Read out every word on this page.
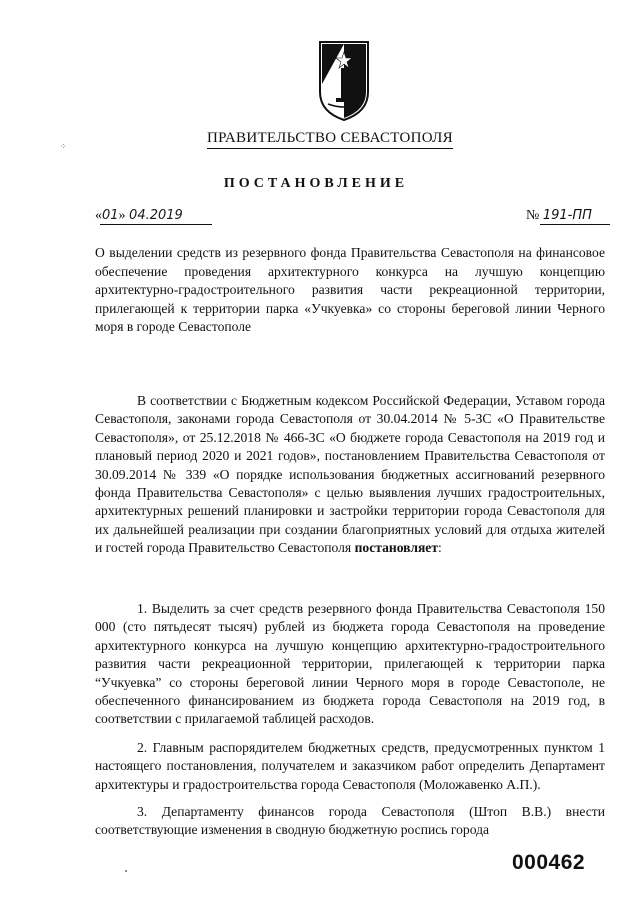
⁘
ПРАВИТЕЛЬСТВО СЕВАСТОПОЛЯ
ПОСТАНОВЛЕНИЕ
«01» 04.2019	№ 191-ПП
О выделении средств из резервного фонда Правительства Севастополя на финансовое обеспечение проведения архитектурного конкурса на лучшую концепцию архитектурно-градостроительного развития части рекреационной территории, прилегающей к территории парка «Учкуевка» со стороны береговой линии Черного моря в городе Севастополе
В соответствии с Бюджетным кодексом Российской Федерации, Уставом города Севастополя, законами города Севастополя от 30.04.2014 № 5-ЗС «О Правительстве Севастополя», от 25.12.2018 № 466-ЗС «О бюджете города Севастополя на 2019 год и плановый период 2020 и 2021 годов», постановлением Правительства Севастополя от 30.09.2014 № 339 «О порядке использования бюджетных ассигнований резервного фонда Правительства Севастополя» с целью выявления лучших градостроительных, архитектурных решений планировки и застройки территории города Севастополя для их дальнейшей реализации при создании благоприятных условий для отдыха жителей и гостей города Правительство Севастополя постановляет:
1. Выделить за счет средств резервного фонда Правительства Севастополя 150 000 (сто пятьдесят тысяч) рублей из бюджета города Севастополя на проведение архитектурного конкурса на лучшую концепцию архитектурно-градостроительного развития части рекреационной территории, прилегающей к территории парка “Учкуевка” со стороны береговой линии Черного моря в городе Севастополе, не обеспеченного финансированием из бюджета города Севастополя на 2019 год, в соответствии с прилагаемой таблицей расходов.
2. Главным распорядителем бюджетных средств, предусмотренных пунктом 1 настоящего постановления, получателем и заказчиком работ определить Департамент архитектуры и градостроительства города Севастополя (Моложавенко А.П.).
3. Департаменту финансов города Севастополя (Штоп В.В.) внести соответствующие изменения в сводную бюджетную роспись города
000462
